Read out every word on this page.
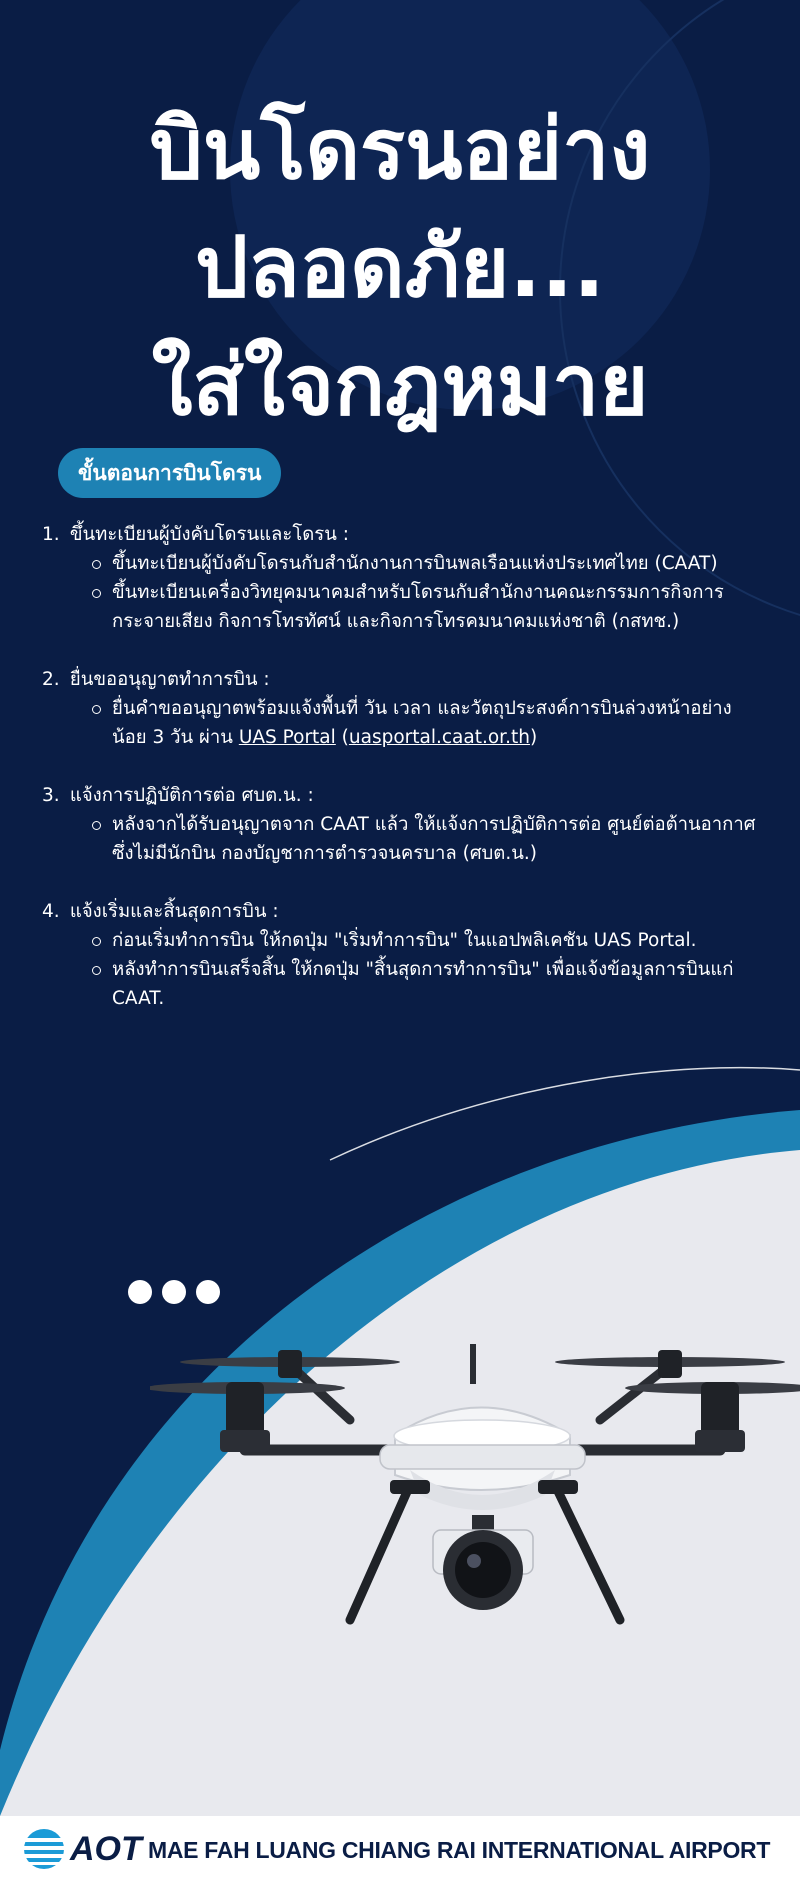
บินโดรนอย่าง
ปลอดภัย...
ใส่ใจกฎหมาย
ขั้นตอนการบินโดรน
1. ขึ้นทะเบียนผู้บังคับโดรนและโดรน :
ขึ้นทะเบียนผู้บังคับโดรนกับสำนักงานการบินพลเรือนแห่งประเทศไทย (CAAT)
ขึ้นทะเบียนเครื่องวิทยุคมนาคมสำหรับโดรนกับสำนักงานคณะกรรมการกิจการกระจายเสียง กิจการโทรทัศน์ และกิจการโทรคมนาคมแห่งชาติ (กสทช.)
2. ยื่นขออนุญาตทำการบิน :
ยื่นคำขออนุญาตพร้อมแจ้งพื้นที่ วัน เวลา และวัตถุประสงค์การบินล่วงหน้าอย่างน้อย 3 วัน ผ่าน UAS Portal (uasportal.caat.or.th)
3. แจ้งการปฏิบัติการต่อ ศบต.น. :
หลังจากได้รับอนุญาตจาก CAAT แล้ว ให้แจ้งการปฏิบัติการต่อ ศูนย์ต่อต้านอากาศซึ่งไม่มีนักบิน กองบัญชาการตำรวจนครบาล (ศบต.น.)
4. แจ้งเริ่มและสิ้นสุดการบิน :
ก่อนเริ่มทำการบิน ให้กดปุ่ม "เริ่มทำการบิน" ในแอปพลิเคชัน UAS Portal.
หลังทำการบินเสร็จสิ้น ให้กดปุ่ม "สิ้นสุดการทำการบิน" เพื่อแจ้งข้อมูลการบินแก่ CAAT.
AOT MAE FAH LUANG CHIANG RAI INTERNATIONAL AIRPORT
